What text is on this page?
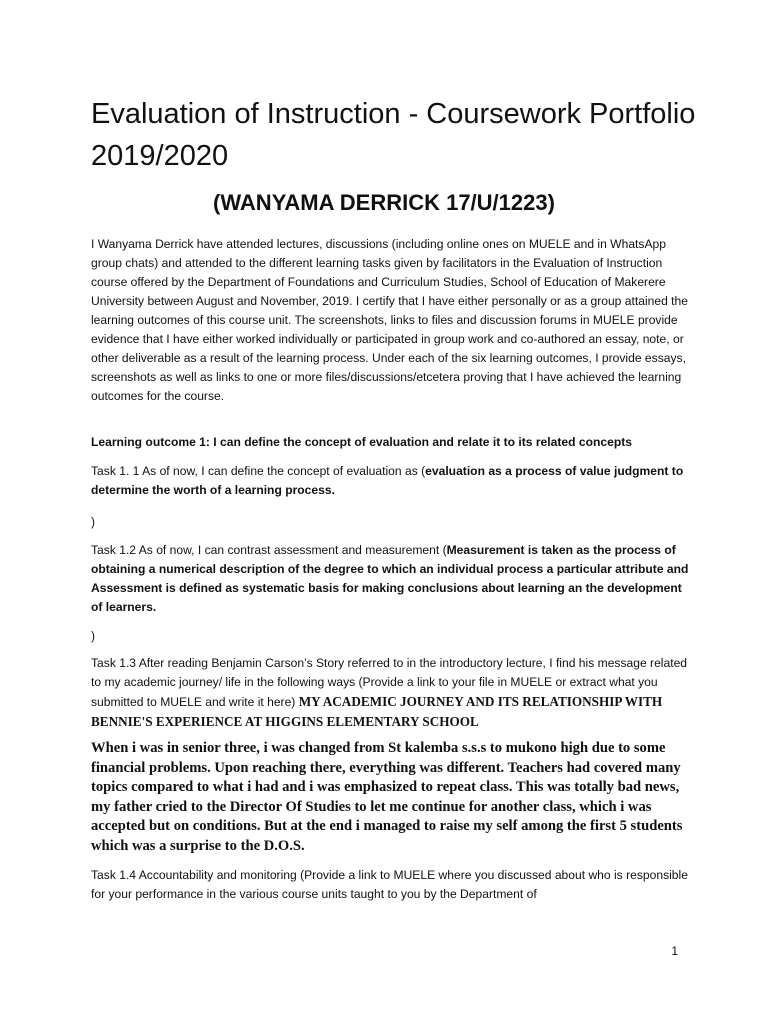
Evaluation of Instruction - Coursework Portfolio 2019/2020
(WANYAMA DERRICK 17/U/1223)

I Wanyama Derrick have attended lectures, discussions (including online ones on MUELE and in WhatsApp group chats) and attended to the different learning tasks given by facilitators in the Evaluation of Instruction course offered by the Department of Foundations and Curriculum Studies, School of Education of Makerere University between August and November, 2019. I certify that I have either personally or as a group attained the learning outcomes of this course unit. The screenshots, links to files and discussion forums in MUELE provide evidence that I have either worked individually or participated in group work and co-authored an essay, note, or other deliverable as a result of the learning process. Under each of the six learning outcomes, I provide essays, screenshots as well as links to one or more files/discussions/etcetera proving that I have achieved the learning outcomes for the course.

Learning outcome 1: I can define the concept of evaluation and relate it to its related concepts

Task 1. 1 As of now, I can define the concept of evaluation as (evaluation as a process of value judgment to determine the worth of a learning process.

)

Task 1.2 As of now, I can contrast assessment and measurement (Measurement is taken as the process of obtaining a numerical description of the degree to which an individual process a particular attribute and Assessment is defined as systematic basis for making conclusions about learning an the development of learners.

)

Task 1.3 After reading Benjamin Carson’s Story referred to in the introductory lecture, I find his message related to my academic journey/ life in the following ways (Provide a link to your file in MUELE or extract what you submitted to MUELE and write it here) MY ACADEMIC JOURNEY AND ITS RELATIONSHIP WITH BENNIE'S EXPERIENCE AT HIGGINS ELEMENTARY SCHOOL

When i was in senior three, i was changed from St kalemba s.s.s to mukono high due to some financial problems. Upon reaching there, everything was different. Teachers had covered many topics compared to what i had and i was emphasized to repeat class. This was totally bad news, my father cried to the Director Of Studies to let me continue for another class, which i was accepted but on conditions. But at the end i managed to raise my self among the first 5 students which was a surprise to the D.O.S.

Task 1.4 Accountability and monitoring (Provide a link to MUELE where you discussed about who is responsible for your performance in the various course units taught to you by the Department of

1
